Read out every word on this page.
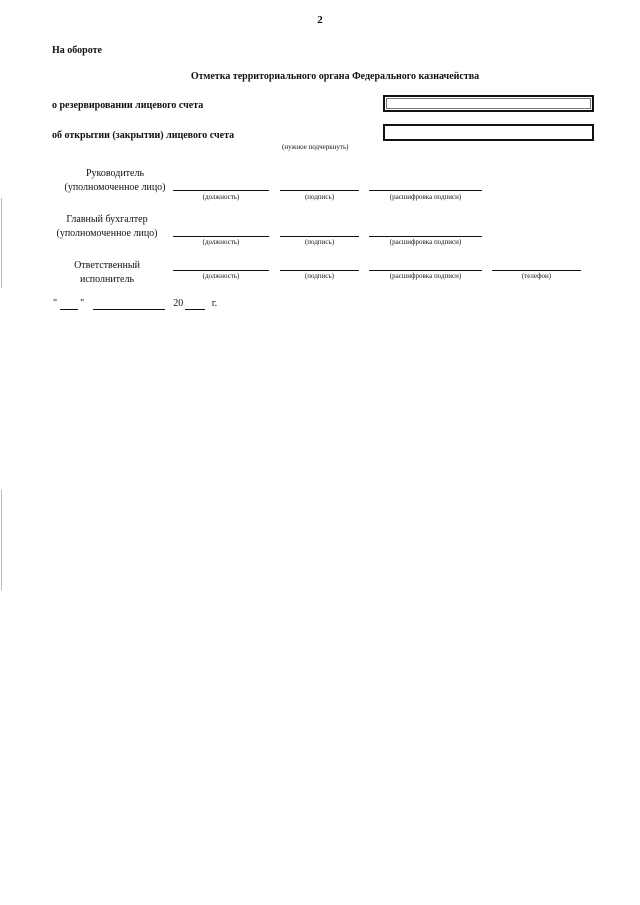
2
На обороте
Отметка территориального органа Федерального казначейства
о резервировании лицевого счета
об открытии (закрытии) лицевого счета
(нужное подчеркнуть)
Руководитель
(уполномоченное лицо)
(должность)	(подпись)	(расшифровка подписи)
Главный бухгалтер
(уполномоченное лицо)
(должность)	(подпись)	(расшифровка подписи)
Ответственный
исполнитель	(должность)	(подпись)	(расшифровка подписи)	(телефон)
" "	20	г.
